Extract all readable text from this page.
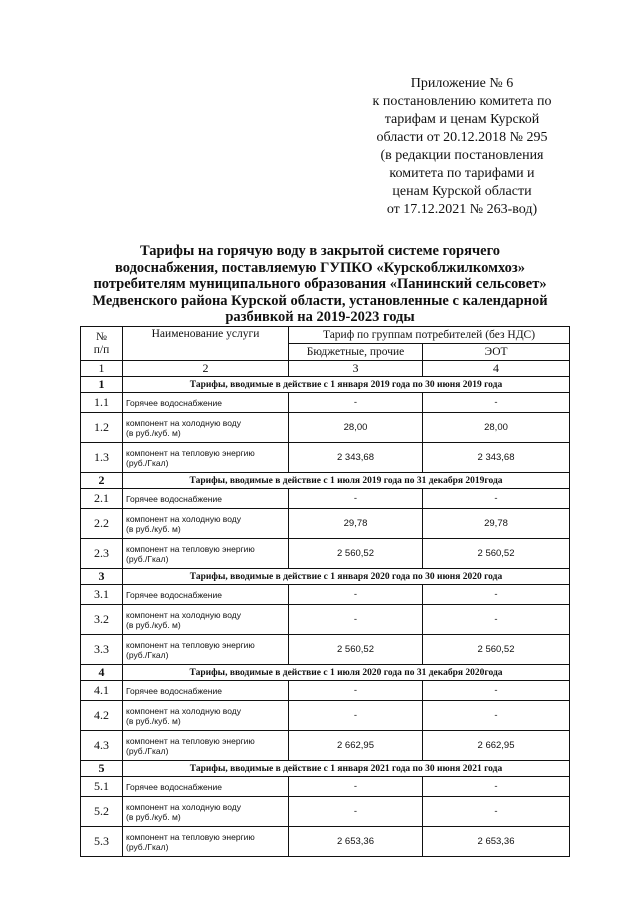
Приложение № 6
к постановлению комитета по
тарифам и ценам Курской
области от 20.12.2018 № 295
(в редакции постановления
комитета по тарифами и
ценам Курской области
от 17.12.2021 № 263-вод)
Тарифы на горячую воду в закрытой системе горячего
водоснабжения, поставляемую ГУПКО «Курскоблжилкомхоз»
потребителям муниципального образования «Панинский сельсовет»
Медвенского района Курской области, установленные с календарной
разбивкой на 2019-2023 годы
№
п/п	Наименование услуги	Тариф по группам потребителей (без НДС)	
		Бюджетные, прочие	ЭОТ
1	2	3	4
1	Тарифы, вводимые в действие с 1 января 2019 года по 30 июня 2019 года		
1.1	Горячее водоснабжение	-	-
1.2	компонент на холодную воду
(в руб./куб. м)	28,00	28,00
1.3	компонент на тепловую энергию
(руб./Гкал)	2 343,68	2 343,68
2	Тарифы, вводимые в действие с 1 июля 2019 года по 31 декабря 2019года		
2.1	Горячее водоснабжение	-	-
2.2	компонент на холодную воду
(в руб./куб. м)	29,78	29,78
2.3	компонент на тепловую энергию
(руб./Гкал)	2 560,52	2 560,52
3	Тарифы, вводимые в действие с 1 января 2020 года по 30 июня 2020 года		
3.1	Горячее водоснабжение	-	-
3.2	компонент на холодную воду
(в руб./куб. м)	-	-
3.3	компонент на тепловую энергию
(руб./Гкал)	2 560,52	2 560,52
4	Тарифы, вводимые в действие с 1 июля 2020 года по 31 декабря 2020года		
4.1	Горячее водоснабжение	-	-
4.2	компонент на холодную воду
(в руб./куб. м)	-	-
4.3	компонент на тепловую энергию
(руб./Гкал)	2 662,95	2 662,95
5	Тарифы, вводимые в действие с 1 января 2021 года по 30 июня 2021 года		
5.1	Горячее водоснабжение	-	-
5.2	компонент на холодную воду
(в руб./куб. м)	-	-
5.3	компонент на тепловую энергию
(руб./Гкал)	2 653,36	2 653,36
